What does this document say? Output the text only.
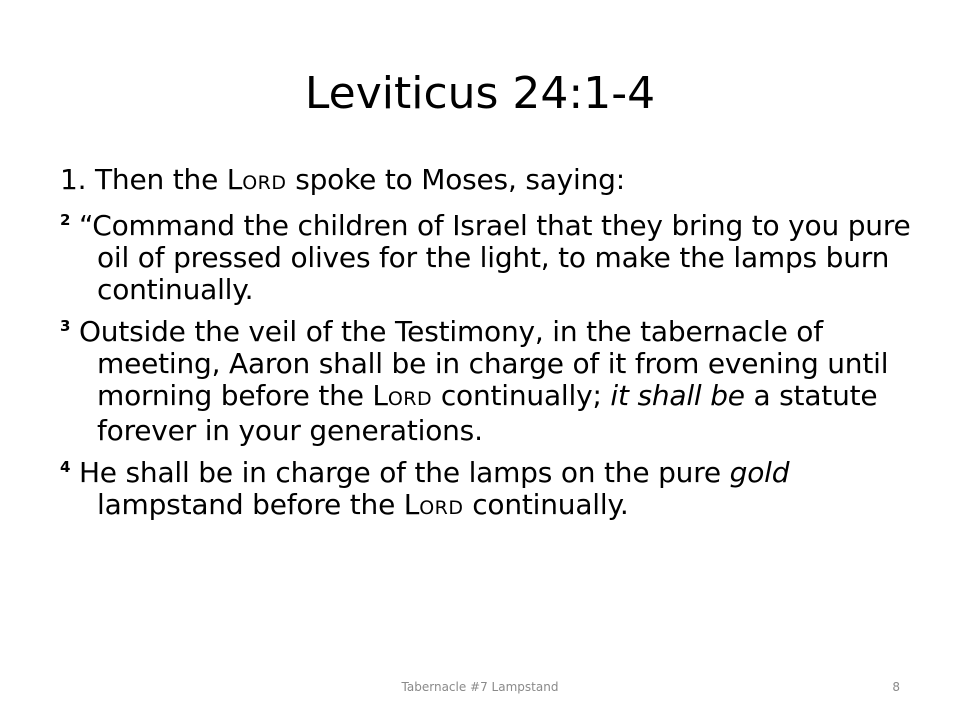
Leviticus 24:1-4

1. Then the LORD spoke to Moses, saying:

$^2$ “Command the children of Israel that they bring to you pure oil of pressed olives for the light, to make the lamps burn continually.

$^3$ Outside the veil of the Testimony, in the tabernacle of meeting, Aaron shall be in charge of it from evening until morning before the LORD continually; it shall be a statute forever in your generations.

$^4$ He shall be in charge of the lamps on the pure gold lampstand before the LORD continually.

Tabernacle #7 Lampstand	8
